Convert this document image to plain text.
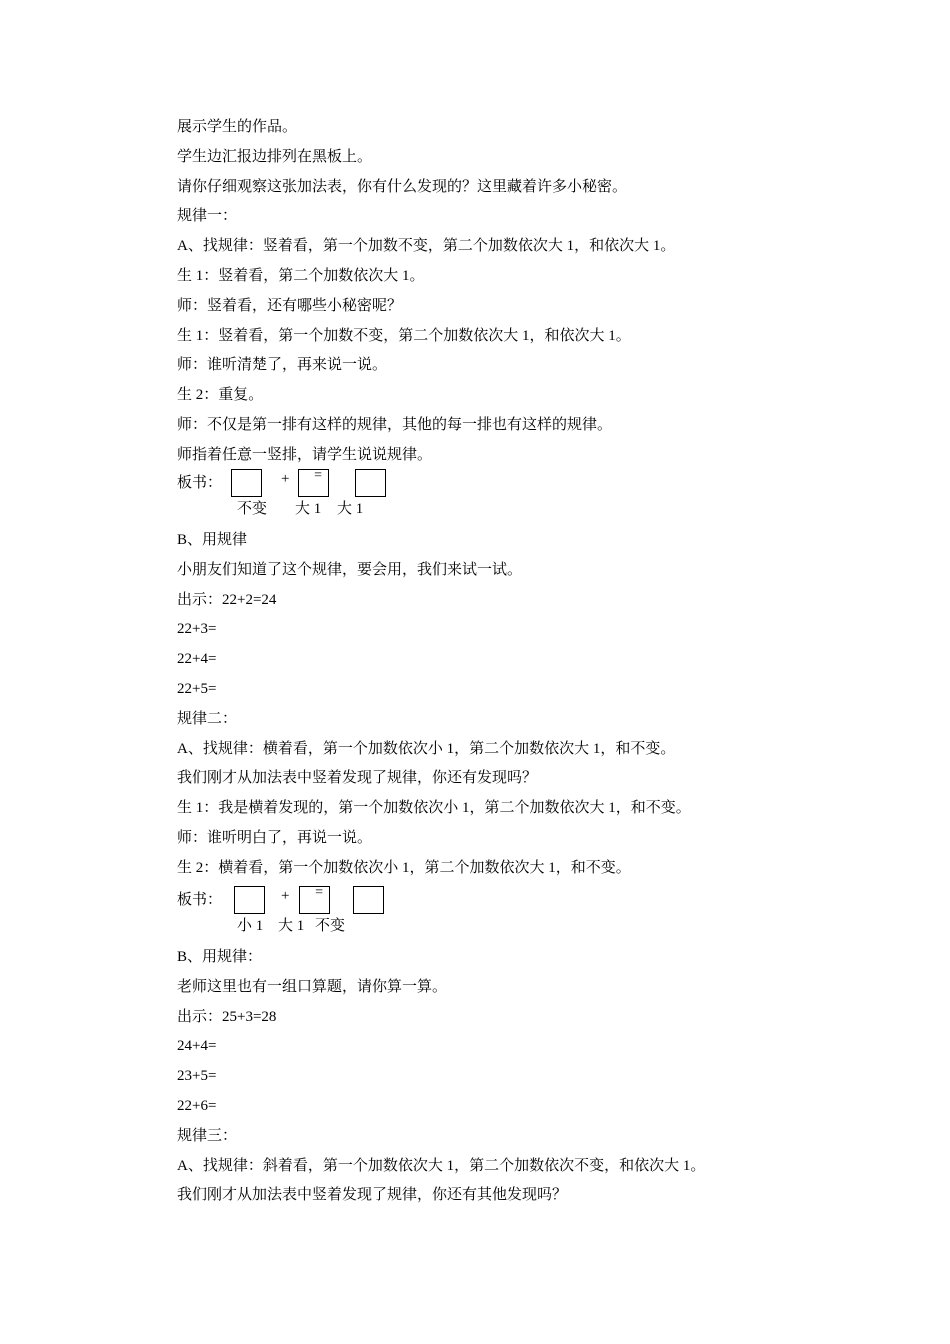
展示学生的作品。
学生边汇报边排列在黑板上。
请你仔细观察这张加法表，你有什么发现的？这里藏着许多小秘密。
规律一：
A、找规律：竖着看，第一个加数不变，第二个加数依次大 1，和依次大 1。
生 1：竖着看，第二个加数依次大 1。
师：竖着看，还有哪些小秘密呢？
生 1：竖着看，第一个加数不变，第二个加数依次大 1，和依次大 1。
师：谁听清楚了，再来说一说。
生 2：重复。
师：不仅是第一排有这样的规律，其他的每一排也有这样的规律。
师指着任意一竖排，请学生说说规律。
板书：	+ =
不变 大 1 大 1
B、用规律
小朋友们知道了这个规律，要会用，我们来试一试。
出示：22+2=24
22+3=
22+4=
22+5=
规律二：
A、找规律：横着看，第一个加数依次小 1，第二个加数依次大 1，和不变。
我们刚才从加法表中竖着发现了规律，你还有发现吗？
生 1：我是横着发现的，第一个加数依次小 1，第二个加数依次大 1，和不变。
师：谁听明白了，再说一说。
生 2：横着看，第一个加数依次小 1，第二个加数依次大 1，和不变。
板书：	+ =
小 1 大 1 不变
B、用规律：
老师这里也有一组口算题，请你算一算。
出示：25+3=28
24+4=
23+5=
22+6=
规律三：
A、找规律：斜着看，第一个加数依次大 1，第二个加数依次不变，和依次大 1。
我们刚才从加法表中竖着发现了规律，你还有其他发现吗？
